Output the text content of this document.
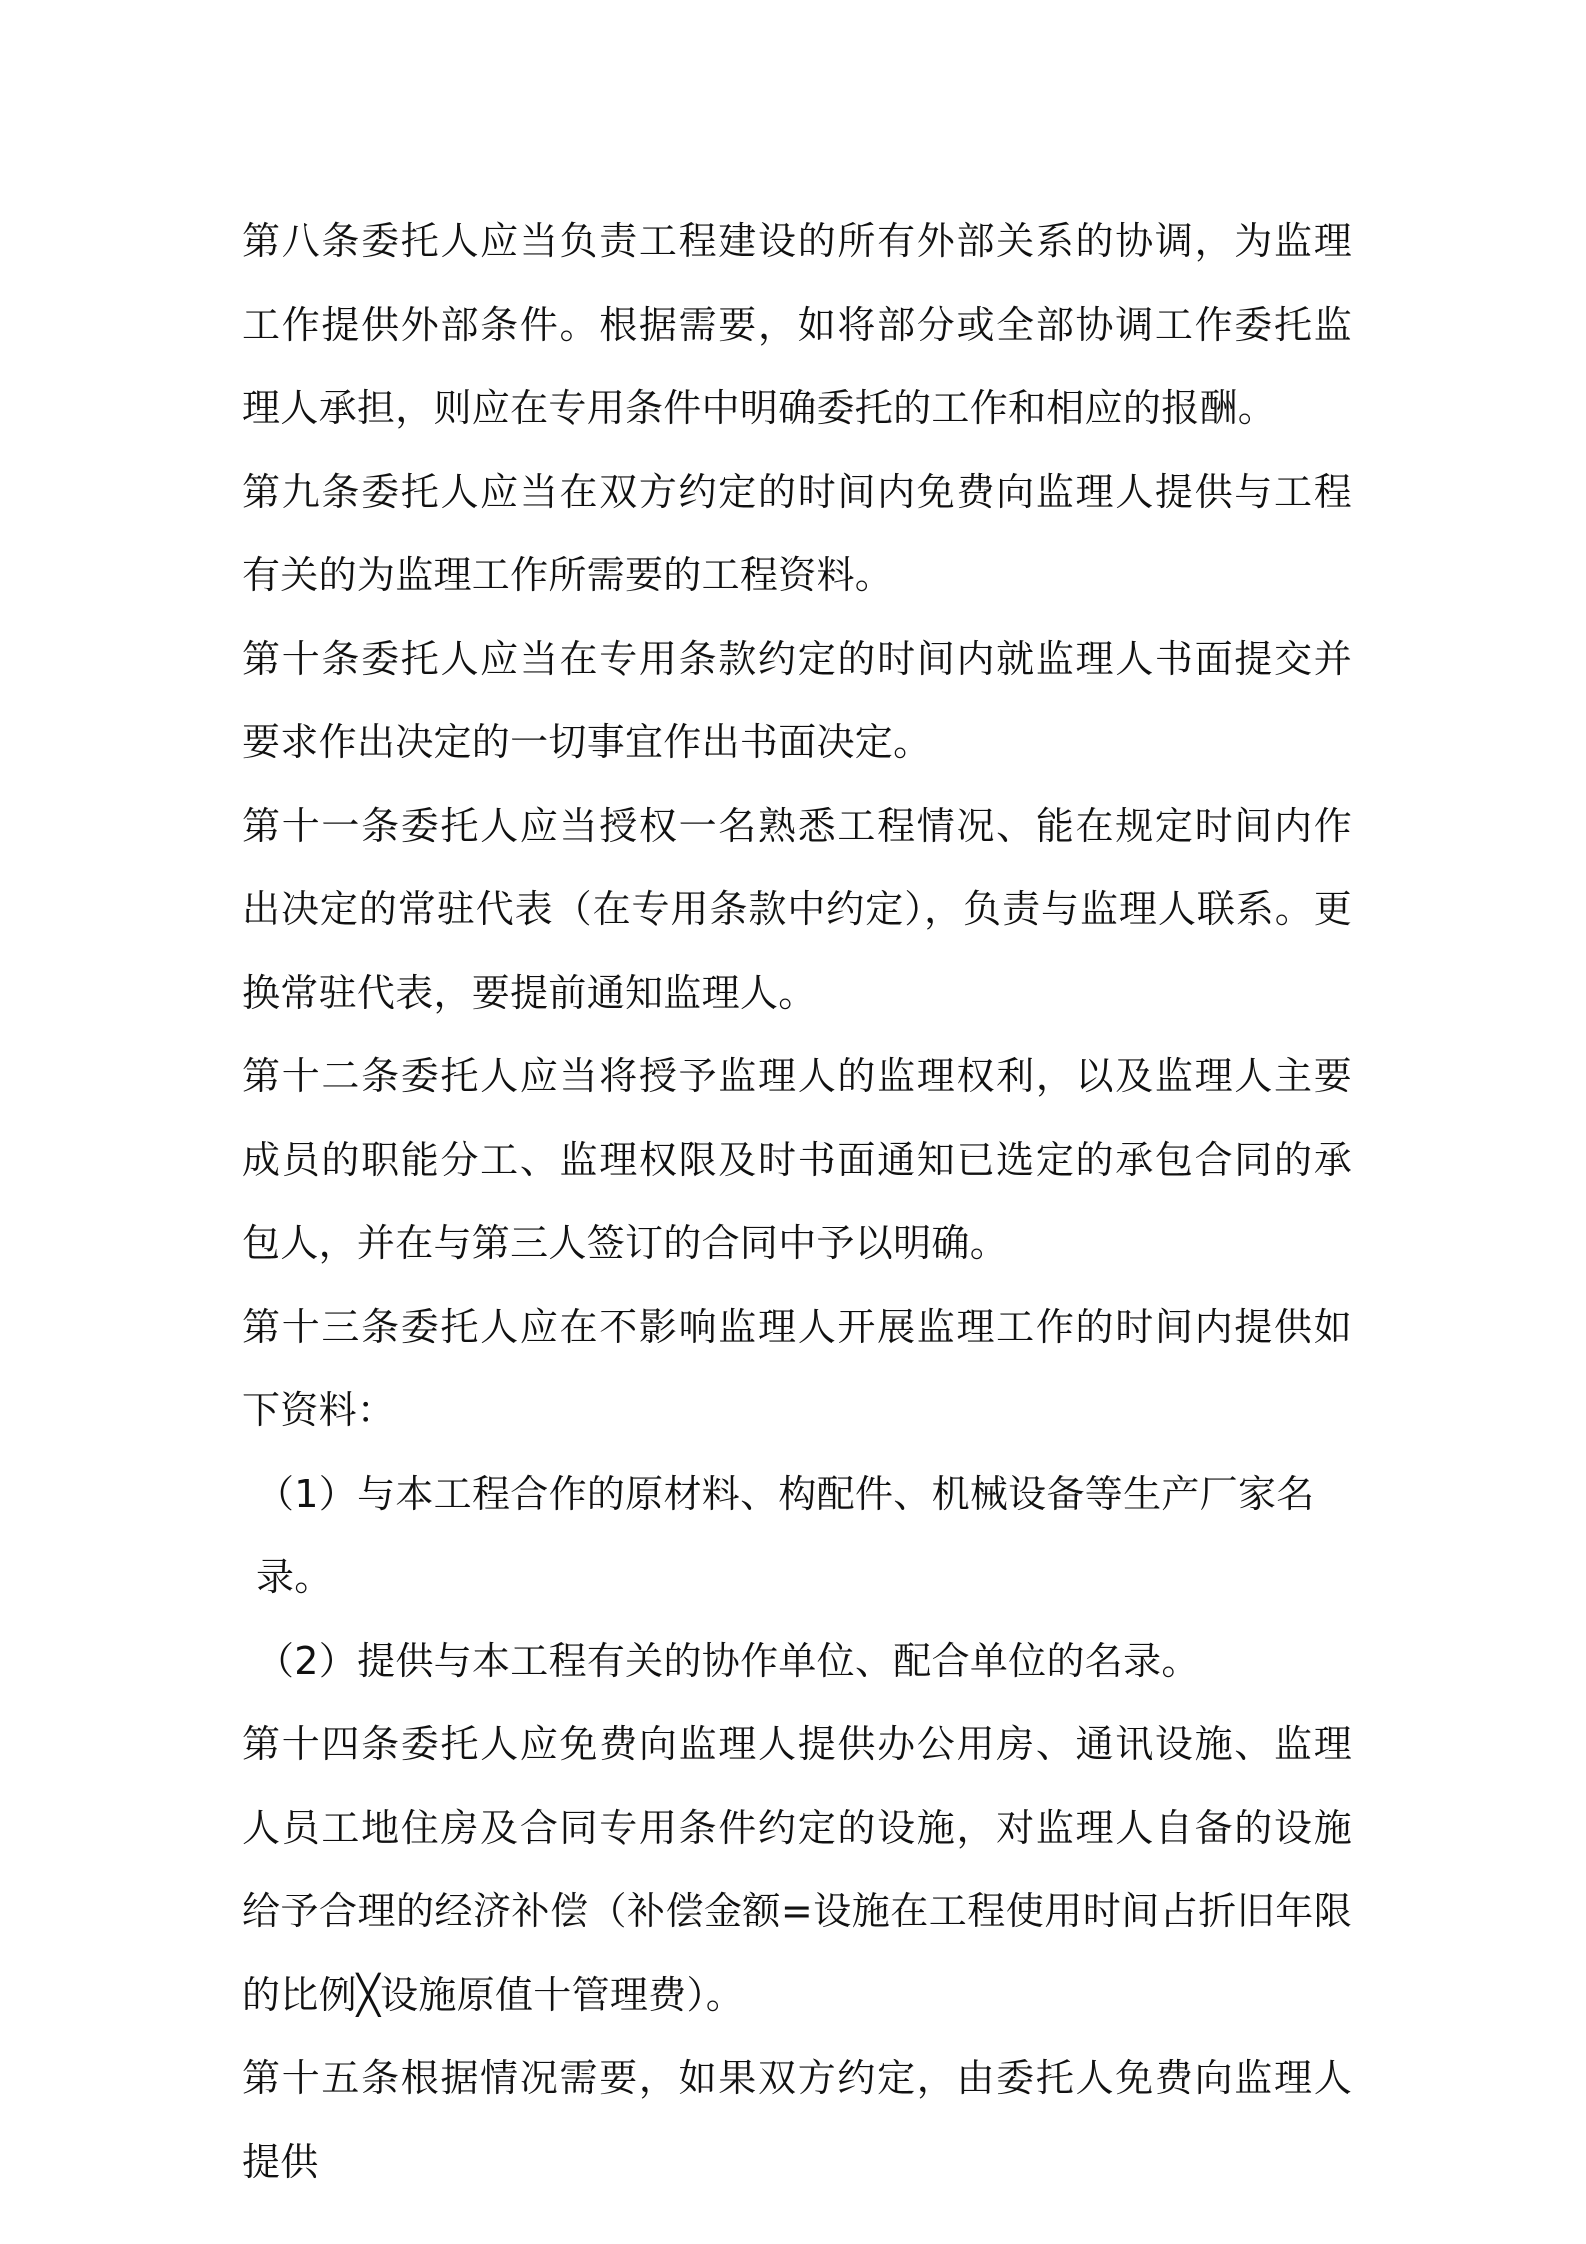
第八条委托人应当负责工程建设的所有外部关系的协调，为监理工作提供外部条件。根据需要，如将部分或全部协调工作委托监理人承担，则应在专用条件中明确委托的工作和相应的报酬。

第九条委托人应当在双方约定的时间内免费向监理人提供与工程有关的为监理工作所需要的工程资料。

第十条委托人应当在专用条款约定的时间内就监理人书面提交并要求作出决定的一切事宜作出书面决定。

第十一条委托人应当授权一名熟悉工程情况、能在规定时间内作出决定的常驻代表（在专用条款中约定），负责与监理人联系。更换常驻代表，要提前通知监理人。

第十二条委托人应当将授予监理人的监理权利，以及监理人主要成员的职能分工、监理权限及时书面通知已选定的承包合同的承包人，并在与第三人签订的合同中予以明确。

第十三条委托人应在不影响监理人开展监理工作的时间内提供如下资料：

（1）与本工程合作的原材料、构配件、机械设备等生产厂家名录。

（2）提供与本工程有关的协作单位、配合单位的名录。

第十四条委托人应免费向监理人提供办公用房、通讯设施、监理人员工地住房及合同专用条件约定的设施，对监理人自备的设施给予合理的经济补偿（补偿金额=设施在工程使用时间占折旧年限的比例╳设施原值十管理费）。

第十五条根据情况需要，如果双方约定，由委托人免费向监理人提供
